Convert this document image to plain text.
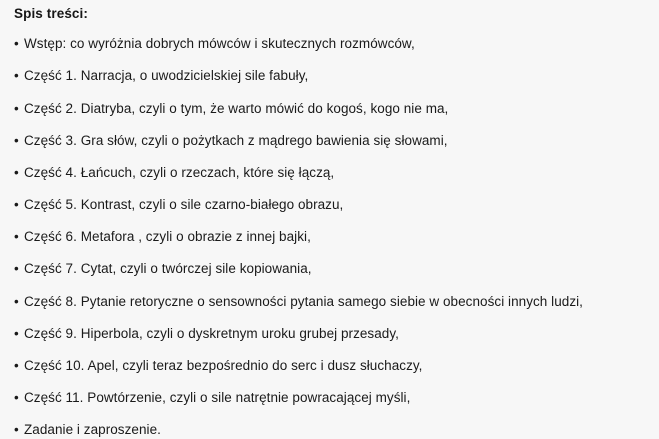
Spis treści:
• Wstęp: co wyróżnia dobrych mówców i skutecznych rozmówców,
• Część 1. Narracja, o uwodzicielskiej sile fabuły,
• Część 2. Diatryba, czyli o tym, że warto mówić do kogoś, kogo nie ma,
• Część 3. Gra słów, czyli o pożytkach z mądrego bawienia się słowami,
• Część 4. Łańcuch, czyli o rzeczach, które się łączą,
• Część 5. Kontrast, czyli o sile czarno-białego obrazu,
• Część 6. Metafora , czyli o obrazie z innej bajki,
• Część 7. Cytat, czyli o twórczej sile kopiowania,
• Część 8. Pytanie retoryczne o sensowności pytania samego siebie w obecności innych ludzi,
• Część 9. Hiperbola, czyli o dyskretnym uroku grubej przesady,
• Część 10. Apel, czyli teraz bezpośrednio do serc i dusz słuchaczy,
• Część 11. Powtórzenie, czyli o sile natrętnie powracającej myśli,
• Zadanie i zaproszenie.
